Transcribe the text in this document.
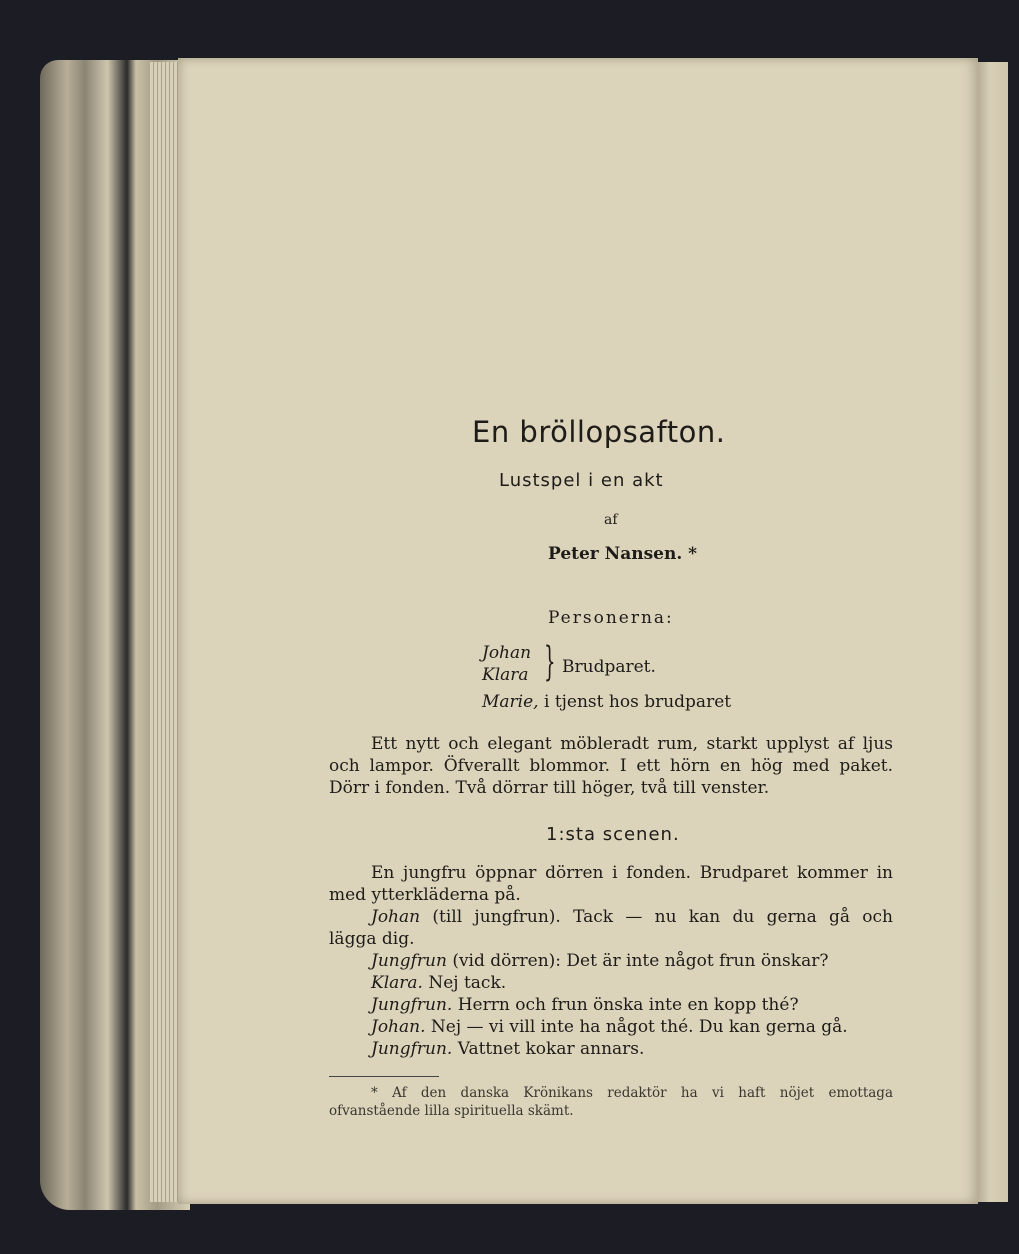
En bröllopsafton.
Lustspel i en akt
af
Peter Nansen. *
Personerna:
Johan
Klara } Brudparet.
Marie, i tjenst hos brudparet
Ett nytt och elegant möbleradt rum, starkt upplyst af ljus
och lampor. Öfverallt blommor. I ett hörn en hög med paket.
Dörr i fonden. Två dörrar till höger, två till venster.
1:sta scenen.
En jungfru öppnar dörren i fonden. Brudparet kommer in
med ytterkläderna på.
Johan (till jungfrun). Tack — nu kan du gerna gå och
lägga dig.
Jungfrun (vid dörren): Det är inte något frun önskar?
Klara. Nej tack.
Jungfrun. Herrn och frun önska inte en kopp thé?
Johan. Nej — vi vill inte ha något thé. Du kan gerna gå.
Jungfrun. Vattnet kokar annars.
* Af den danska Krönikans redaktör ha vi haft nöjet emottaga
ofvanstående lilla spirituella skämt.
